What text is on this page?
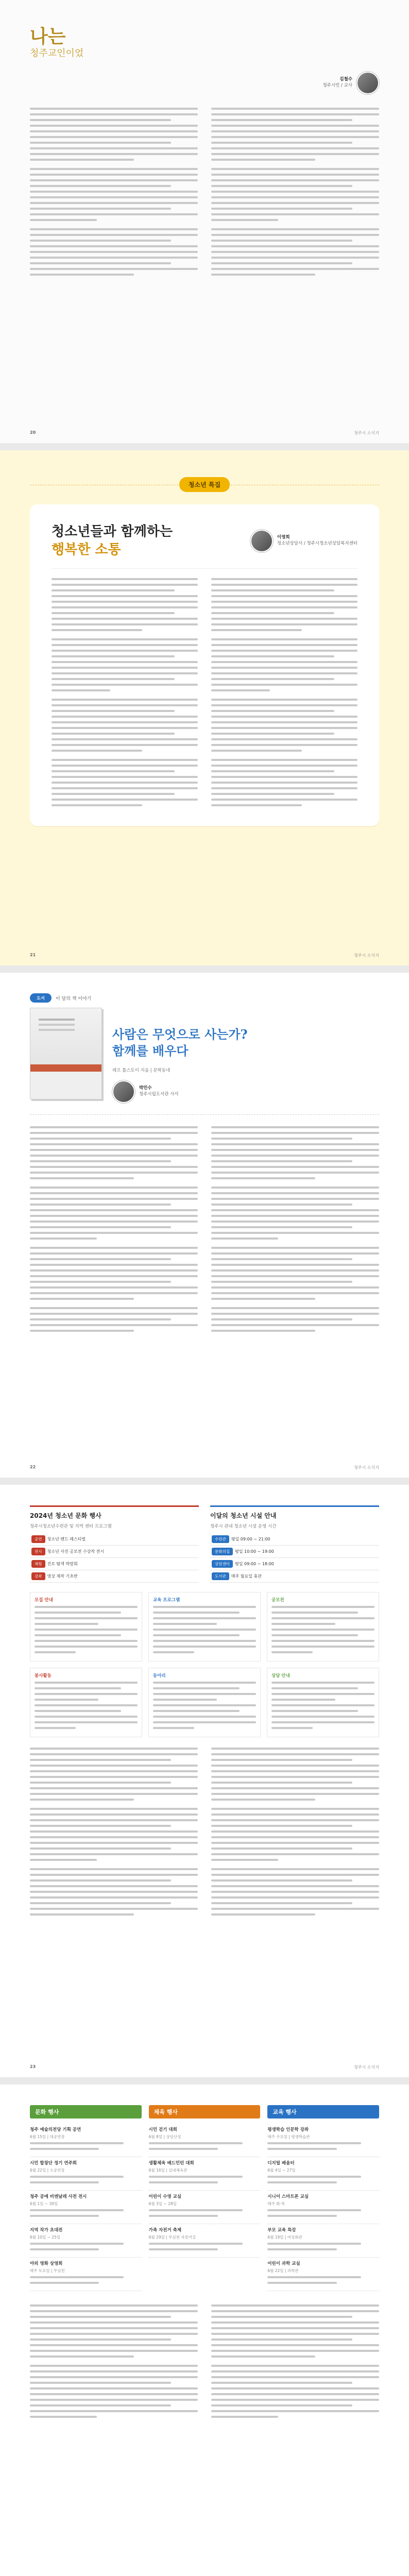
나는
청주교인이었
김철수
청주시민 / 교사
20	청주시 소식지
청소년 특집
청소년들과 함께하는
행복한 소통
이영희
청소년상담사 / 청주시청소년상담복지센터
21	청주시 소식지
도서	이 달의 책 이야기
사람은 무엇으로 사는가?
함께를 배우다
레프 톨스토이 지음 | 문학동네
박민수
청주시립도서관 사서
22	청주시 소식지
2024년 청소년 문화 행사
청주시청소년수련관 및 지역 센터 프로그램
공연 청소년 밴드 페스티벌
전시 청소년 사진 공모전 수상작 전시
체험 진로 탐색 박람회
강좌 영상 제작 기초반
이달의 청소년 시설 안내
청주시 관내 청소년 시설 운영 시간
수련관 평일 09:00 ~ 21:00
문화의집 평일 10:00 ~ 19:00
상담센터 평일 09:00 ~ 18:00
도서관 매주 월요일 휴관
모집 안내	교육 프로그램	공모전
봉사활동	동아리	상담 안내
23	청주시 소식지
문화 행사
청주 예술의전당 기획 공연
6월 15일 | 대공연장
시민 합창단 정기 연주회
6월 22일 | 소공연장
청주 공예 비엔날레 사전 전시
6월 1일 ~ 30일
지역 작가 초대전
6월 10일 ~ 25일
야외 영화 상영회
매주 토요일 | 무심천
체육 행사
시민 걷기 대회
6월 8일 | 상당산성
생활체육 배드민턴 대회
6월 16일 | 실내체육관
어린이 수영 교실
6월 3일 ~ 28일
가족 자전거 축제
6월 29일 | 무심천 자전거길
교육 행사
평생학습 인문학 강좌
매주 수요일 | 평생학습관
디지털 배움터
6월 4일 ~ 27일
시니어 스마트폰 교실
매주 화·목
부모 교육 특강
6월 19일 | 여성회관
어린이 과학 교실
6월 22일 | 과학관
